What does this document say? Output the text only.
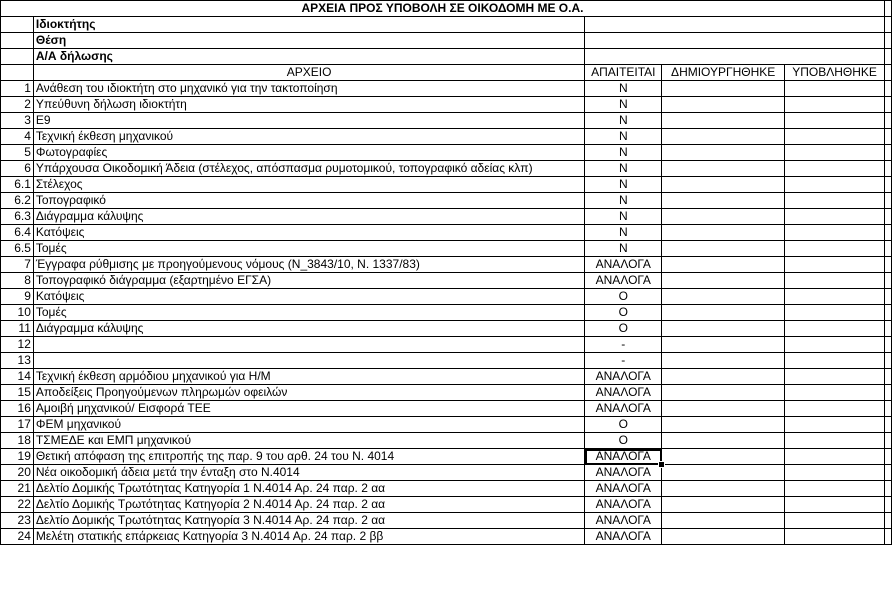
ΑΡΧΕΙΑ ΠΡΟΣ ΥΠΟΒΟΛΗ ΣΕ ΟΙΚΟΔΟΜΗ ΜΕ Ο.Α.					
	Ιδιοκτήτης				
	Θέση				
	Α/Α δήλωσης				
	ΑΡΧΕΙΟ	ΑΠΑΙΤΕΙΤΑΙ	ΔΗΜΙΟΥΡΓΗΘΗΚΕ	ΥΠΟΒΛΗΘΗΚΕ	
1	Ανάθεση του ιδιοκτήτη στο μηχανικό για την τακτοποίηση	Ν			
2	Υπεύθυνη δήλωση ιδιοκτήτη	Ν			
3	Ε9	Ν			
4	Τεχνική έκθεση μηχανικού	Ν			
5	Φωτογραφίες	Ν			
6	Υπάρχουσα Οικοδομική Άδεια (στέλεχος, απόσπασμα ρυμοτομικού, τοπογραφικό αδείας κλπ)	Ν			
6.1	Στέλεχος	Ν			
6.2	Τοπογραφικό	Ν			
6.3	Διάγραμμα κάλυψης	Ν			
6.4	Κατόψεις	Ν			
6.5	Τομές	Ν			
7	Έγγραφα ρύθμισης με προηγούμενους νόμους (Ν_3843/10, Ν. 1337/83)	ΑΝΑΛΟΓΑ			
8	Τοπογραφικό διάγραμμα (εξαρτημένο ΕΓΣΑ)	ΑΝΑΛΟΓΑ			
9	Κατόψεις	Ο			
10	Τομές	Ο			
11	Διάγραμμα κάλυψης	Ο			
12		-			
13		-			
14	Τεχνική έκθεση αρμόδιου μηχανικού για Η/Μ	ΑΝΑΛΟΓΑ			
15	Αποδείξεις Προηγούμενων πληρωμών οφειλών	ΑΝΑΛΟΓΑ			
16	Αμοιβή μηχανικού/ Εισφορά ΤΕΕ	ΑΝΑΛΟΓΑ			
17	ΦΕΜ μηχανικού	Ο			
18	ΤΣΜΕΔΕ και ΕΜΠ μηχανικού	Ο			
19	Θετική απόφαση της επιτροπής της παρ. 9 του αρθ. 24 του Ν. 4014	ΑΝΑΛΟΓΑ			
20	Νέα οικοδομική άδεια μετά την ένταξη στο Ν.4014	ΑΝΑΛΟΓΑ			
21	Δελτίο Δομικής Τρωτότητας Κατηγορία 1 Ν.4014 Αρ. 24 παρ. 2 αα	ΑΝΑΛΟΓΑ			
22	Δελτίο Δομικής Τρωτότητας Κατηγορία 2 Ν.4014 Αρ. 24 παρ. 2 αα	ΑΝΑΛΟΓΑ			
23	Δελτίο Δομικής Τρωτότητας Κατηγορία 3 Ν.4014 Αρ. 24 παρ. 2 αα	ΑΝΑΛΟΓΑ			
24	Μελέτη στατικής επάρκειας Κατηγορία 3 Ν.4014 Αρ. 24 παρ. 2 ββ	ΑΝΑΛΟΓΑ			
